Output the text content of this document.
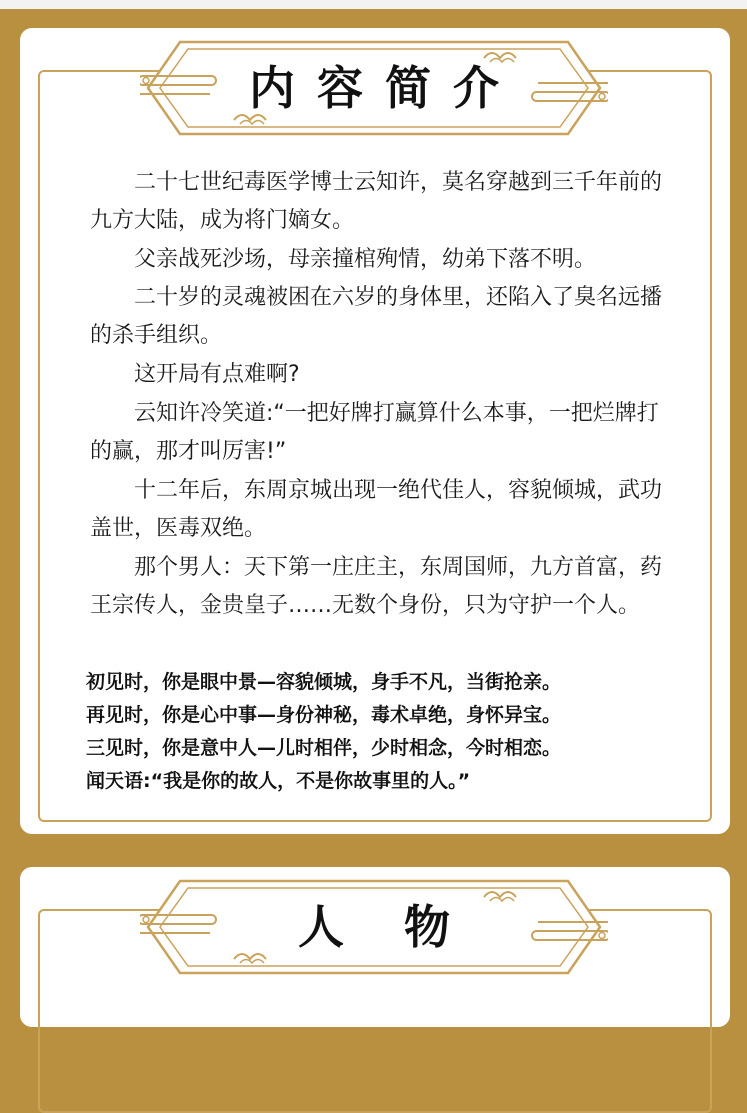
内容简介
二十七世纪毒医学博士云知许，莫名穿越到三千年前的九方大陆，成为将门嫡女。
父亲战死沙场，母亲撞棺殉情，幼弟下落不明。
二十岁的灵魂被困在六岁的身体里，还陷入了臭名远播的杀手组织。
这开局有点难啊?
云知许冷笑道:“一把好牌打赢算什么本事，一把烂牌打的赢，那才叫厉害!”
十二年后，东周京城出现一绝代佳人，容貌倾城，武功盖世，医毒双绝。
那个男人：天下第一庄庄主，东周国师，九方首富，药王宗传人，金贵皇子……无数个身份，只为守护一个人。
初见时，你是眼中景—容貌倾城，身手不凡，当街抢亲。
再见时，你是心中事—身份神秘，毒术卓绝，身怀异宝。
三见时，你是意中人—儿时相伴，少时相念，今时相恋。
闻天语:“我是你的故人，不是你故事里的人。”
人物
